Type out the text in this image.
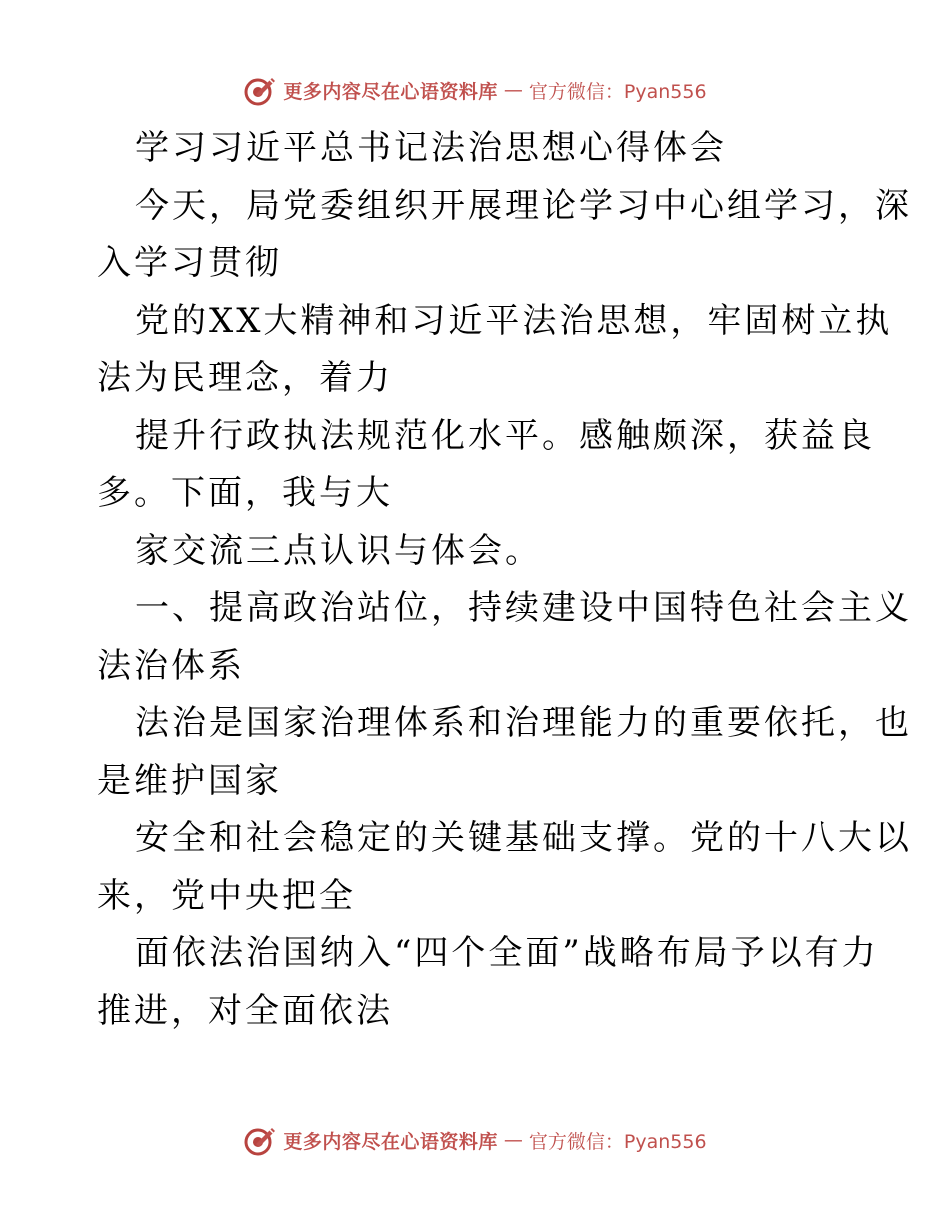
更多内容尽在心语资料库 — 官方微信：Pyan556
学习习近平总书记法治思想心得体会
今天，局党委组织开展理论学习中心组学习，深
入学习贯彻
党的XX大精神和习近平法治思想，牢固树立执
法为民理念，着力
提升行政执法规范化水平。感触颇深，获益良
多。下面，我与大
家交流三点认识与体会。
一、提高政治站位，持续建设中国特色社会主义
法治体系
法治是国家治理体系和治理能力的重要依托，也
是维护国家
安全和社会稳定的关键基础支撑。党的十八大以
来，党中央把全
面依法治国纳入“四个全面”战略布局予以有力
推进，对全面依法
更多内容尽在心语资料库 — 官方微信：Pyan556
